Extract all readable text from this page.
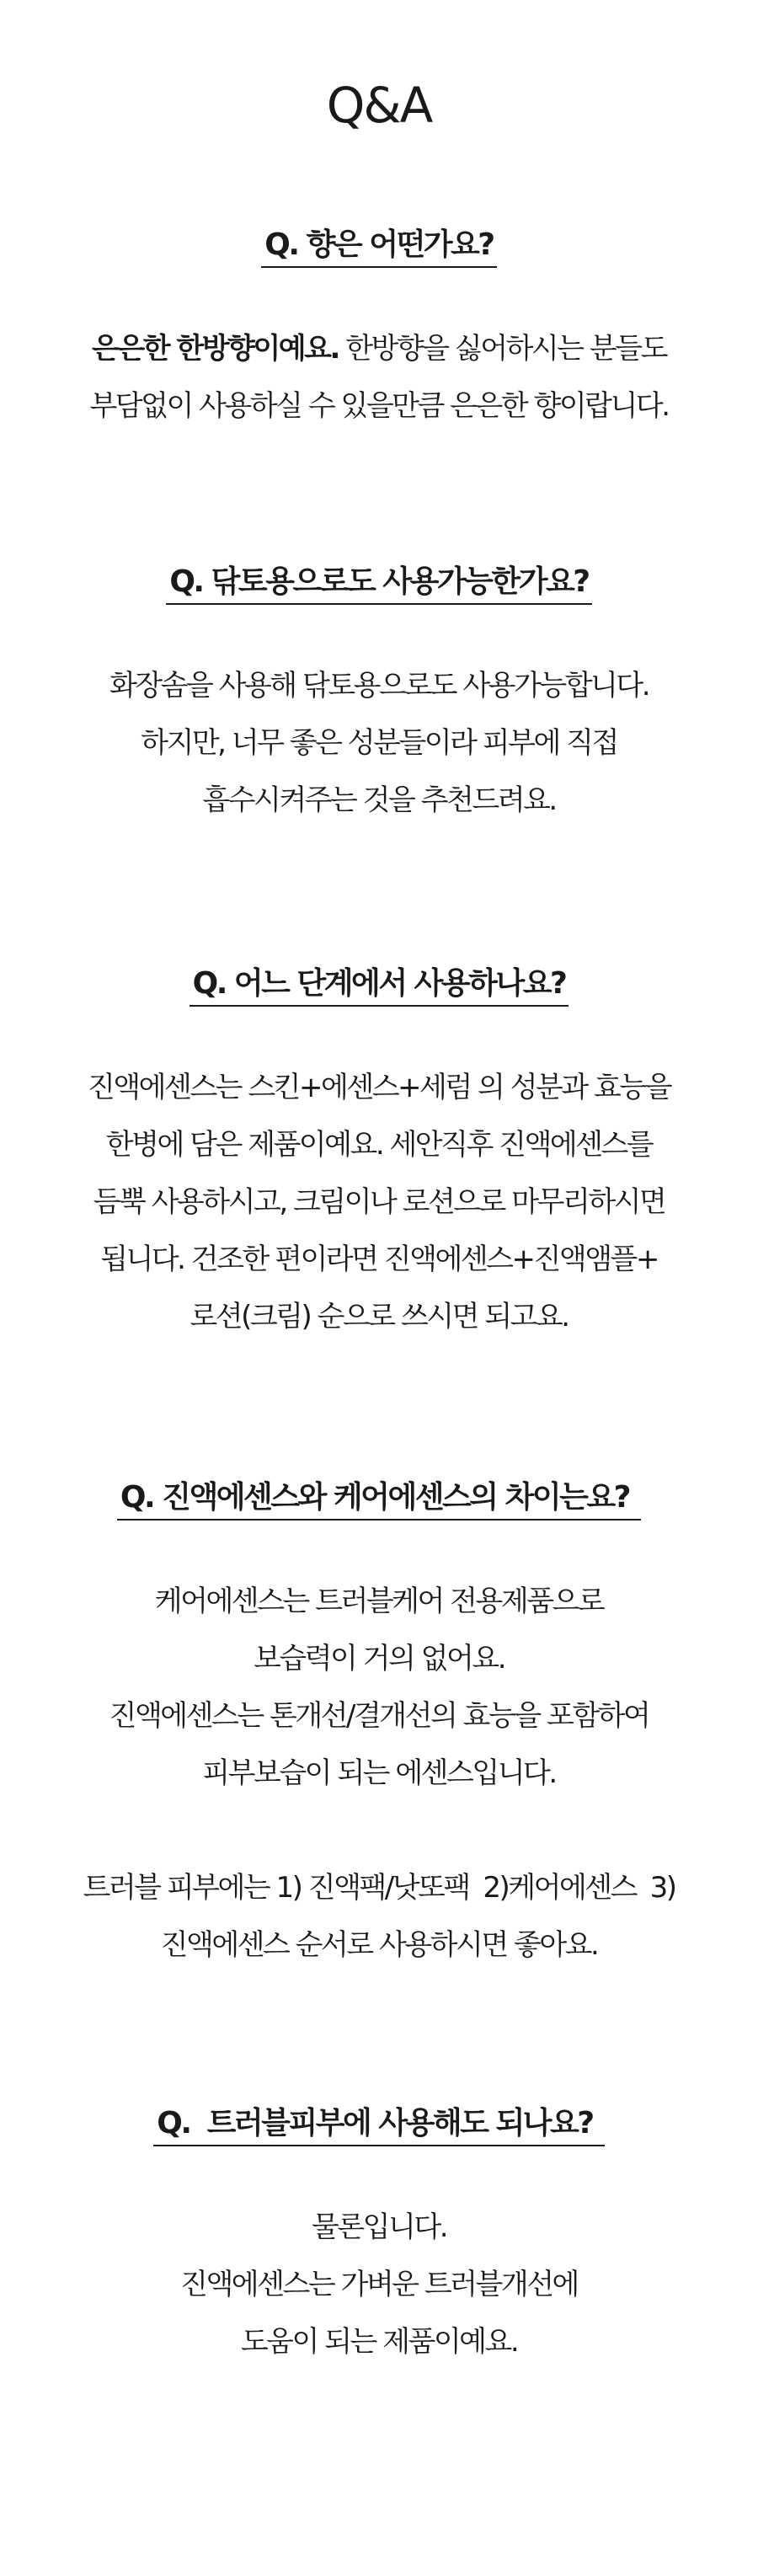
Q&A
Q. 향은 어떤가요?
은은한 한방향이예요. 한방향을 싫어하시는 분들도
부담없이 사용하실 수 있을만큼 은은한 향이랍니다.
Q. 닦토용으로도 사용가능한가요?
화장솜을 사용해 닦토용으로도 사용가능합니다.
하지만, 너무 좋은 성분들이라 피부에 직접
흡수시켜주는 것을 추천드려요.
Q. 어느 단계에서 사용하나요?
진액에센스는 스킨+에센스+세럼 의 성분과 효능을
한병에 담은 제품이예요. 세안직후 진액에센스를
듬뿍 사용하시고, 크림이나 로션으로 마무리하시면
됩니다. 건조한 편이라면 진액에센스+진액앰플+
로션(크림) 순으로 쓰시면 되고요.
Q. 진액에센스와 케어에센스의 차이는요?
케어에센스는 트러블케어 전용제품으로
보습력이 거의 없어요.
진액에센스는 톤개선/결개선의 효능을 포함하여
피부보습이 되는 에센스입니다.
트러블 피부에는 1) 진액팩/낫또팩  2)케어에센스  3)
진액에센스 순서로 사용하시면 좋아요.
Q.  트러블피부에 사용해도 되나요?
물론입니다.
진액에센스는 가벼운 트러블개선에
도움이 되는 제품이예요.
